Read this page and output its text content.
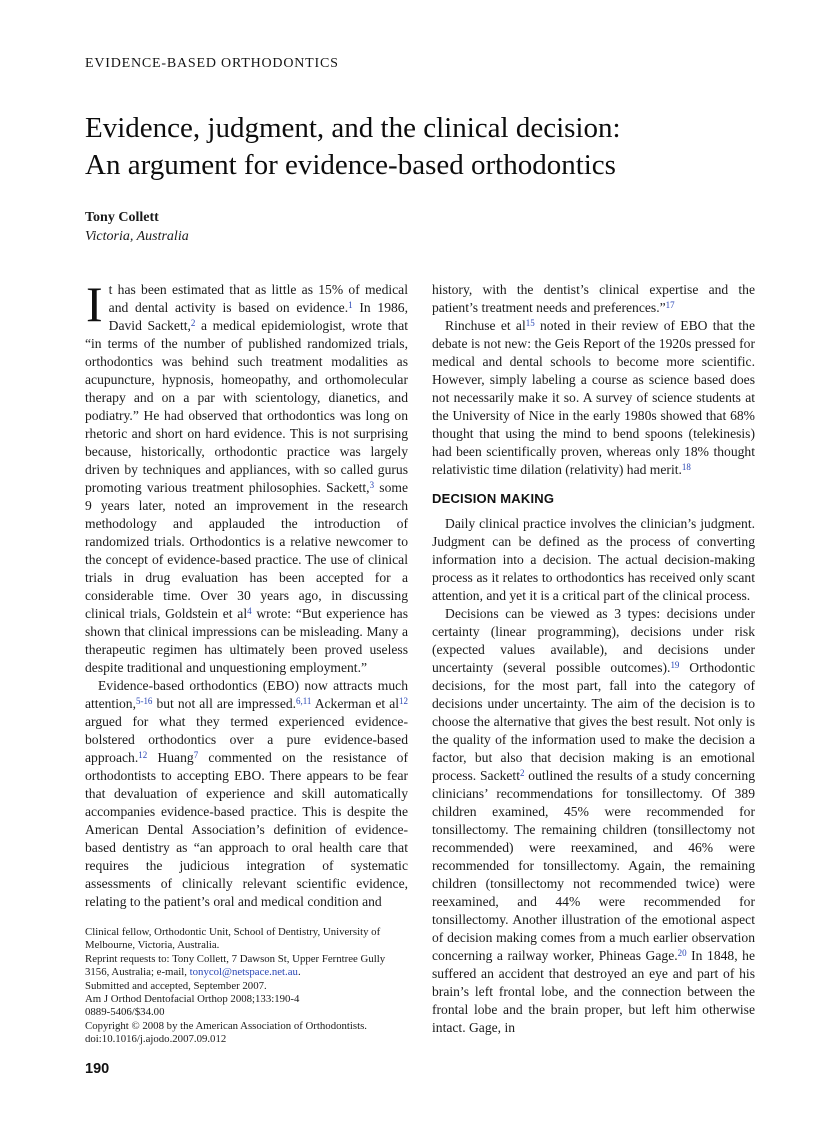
EVIDENCE-BASED ORTHODONTICS
Evidence, judgment, and the clinical decision:
An argument for evidence-based orthodontics
Tony Collett
Victoria, Australia

It has been estimated that as little as 15% of medical and dental activity is based on evidence.$^1$ In 1986, David Sackett,$^2$ a medical epidemiologist, wrote that “in terms of the number of published randomized trials, orthodontics was behind such treatment modalities as acupuncture, hypnosis, homeopathy, and orthomolecular therapy and on a par with scientology, dianetics, and podiatry.” He had observed that orthodontics was long on rhetoric and short on hard evidence. This is not surprising because, historically, orthodontic practice was largely driven by techniques and appliances, with so called gurus promoting various treatment philosophies. Sackett,$^3$ some 9 years later, noted an improvement in the research methodology and applauded the introduction of randomized trials. Orthodontics is a relative newcomer to the concept of evidence-based practice. The use of clinical trials in drug evaluation has been accepted for a considerable time. Over 30 years ago, in discussing clinical trials, Goldstein et $al^4$ wrote: “But experience has shown that clinical impressions can be misleading. Many a therapeutic regimen has ultimately been proved useless despite traditional and unquestioning employment.”

Evidence-based orthodontics (EBO) now attracts much attention,$^{5-16}$ but not all are impressed.$^{6,11}$ Ackerman et $al^{12}$ argued for what they termed experienced evidence-bolstered orthodontics over a pure evidence-based approach.$^{12}$ Huang$^7$ commented on the resistance of orthodontists to accepting EBO. There appears to be fear that devaluation of experience and skill automatically accompanies evidence-based practice. This is despite the American Dental Association’s definition of evidence-based dentistry as “an approach to oral health care that requires the judicious integration of systematic assessments of clinically relevant scientific evidence, relating to the patient’s oral and medical condition and

Clinical fellow, Orthodontic Unit, School of Dentistry, University of Melbourne, Victoria, Australia.
Reprint requests to: Tony Collett, 7 Dawson St, Upper Ferntree Gully 3156, Australia; e-mail, tonycol@netspace.net.au.
Submitted and accepted, September 2007.
Am J Orthod Dentofacial Orthop 2008;133:190-4
0889-5406/$34.00
Copyright © 2008 by the American Association of Orthodontists.
doi:10.1016/j.ajodo.2007.09.012
190

history, with the dentist’s clinical expertise and the patient’s treatment needs and preferences.”$^{17}$

Rinchuse et $al^{15}$ noted in their review of EBO that the debate is not new: the Geis Report of the 1920s pressed for medical and dental schools to become more scientific. However, simply labeling a course as science based does not necessarily make it so. A survey of science students at the University of Nice in the early 1980s showed that 68% thought that using the mind to bend spoons (telekinesis) had been scientifically proven, whereas only 18% thought relativistic time dilation (relativity) had merit.$^{18}$

DECISION MAKING

Daily clinical practice involves the clinician’s judgment. Judgment can be defined as the process of converting information into a decision. The actual decision-making process as it relates to orthodontics has received only scant attention, and yet it is a critical part of the clinical process.

Decisions can be viewed as 3 types: decisions under certainty (linear programming), decisions under risk (expected values available), and decisions under uncertainty (several possible outcomes).$^{19}$ Orthodontic decisions, for the most part, fall into the category of decisions under uncertainty. The aim of the decision is to choose the alternative that gives the best result. Not only is the quality of the information used to make the decision a factor, but also that decision making is an emotional process. Sackett$^2$ outlined the results of a study concerning clinicians’ recommendations for tonsillectomy. Of 389 children examined, 45% were recommended for tonsillectomy. The remaining children (tonsillectomy not recommended) were reexamined, and 46% were recommended for tonsillectomy. Again, the remaining children (tonsillectomy not recommended twice) were reexamined, and 44% were recommended for tonsillectomy. Another illustration of the emotional aspect of decision making comes from a much earlier observation concerning a railway worker, Phineas Gage.$^{20}$ In 1848, he suffered an accident that destroyed an eye and part of his brain’s left frontal lobe, and the connection between the frontal lobe and the brain proper, but left him otherwise intact. Gage, in
